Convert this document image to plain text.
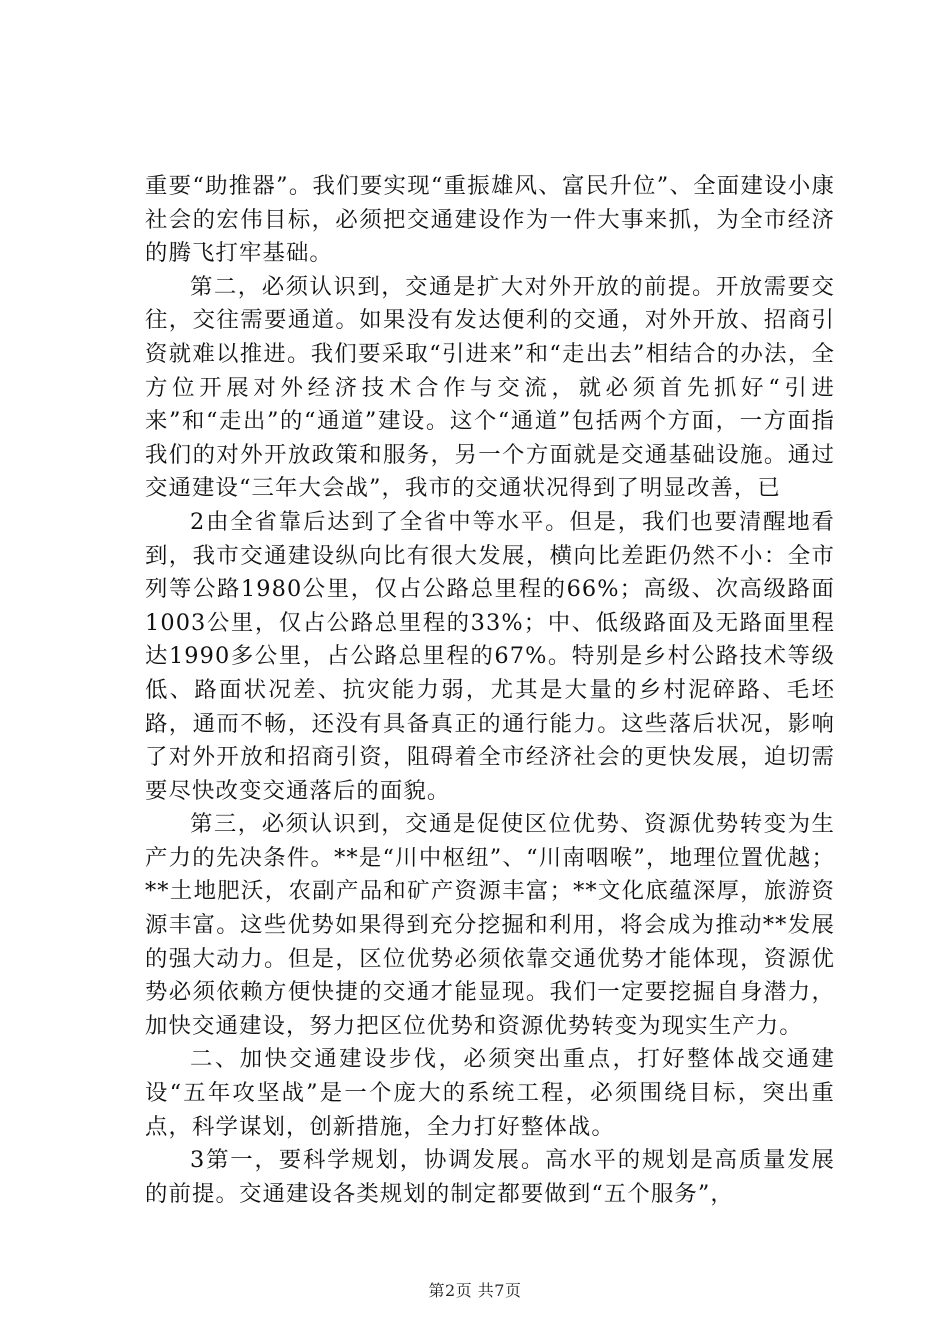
重要“助推器”。我们要实现“重振雄风、富民升位”、全面建设小康社会的宏伟目标，必须把交通建设作为一件大事来抓，为全市经济的腾飞打牢基础。

第二，必须认识到，交通是扩大对外开放的前提。开放需要交往，交往需要通道。如果没有发达便利的交通，对外开放、招商引资就难以推进。我们要采取“引进来”和“走出去”相结合的办法，全方位开展对外经济技术合作与交流，就必须首先抓好“引进来”和“走出”的“通道”建设。这个“通道”包括两个方面，一方面指我们的对外开放政策和服务，另一个方面就是交通基础设施。通过交通建设“三年大会战”，我市的交通状况得到了明显改善，已

2由全省靠后达到了全省中等水平。但是，我们也要清醒地看到，我市交通建设纵向比有很大发展，横向比差距仍然不小：全市列等公路1980公里，仅占公路总里程的66%；高级、次高级路面1003公里，仅占公路总里程的33%；中、低级路面及无路面里程达1990多公里，占公路总里程的67%。特别是乡村公路技术等级低、路面状况差、抗灾能力弱，尤其是大量的乡村泥碎路、毛坯路，通而不畅，还没有具备真正的通行能力。这些落后状况，影响了对外开放和招商引资，阻碍着全市经济社会的更快发展，迫切需要尽快改变交通落后的面貌。

第三，必须认识到，交通是促使区位优势、资源优势转变为生产力的先决条件。**是“川中枢纽”、“川南咽喉”，地理位置优越；**土地肥沃，农副产品和矿产资源丰富；**文化底蕴深厚，旅游资源丰富。这些优势如果得到充分挖掘和利用，将会成为推动**发展的强大动力。但是，区位优势必须依靠交通优势才能体现，资源优势必须依赖方便快捷的交通才能显现。我们一定要挖掘自身潜力，加快交通建设，努力把区位优势和资源优势转变为现实生产力。

二、加快交通建设步伐，必须突出重点，打好整体战交通建设“五年攻坚战”是一个庞大的系统工程，必须围绕目标，突出重点，科学谋划，创新措施，全力打好整体战。

3第一，要科学规划，协调发展。高水平的规划是高质量发展的前提。交通建设各类规划的制定都要做到“五个服务”，

第2页 共7页
